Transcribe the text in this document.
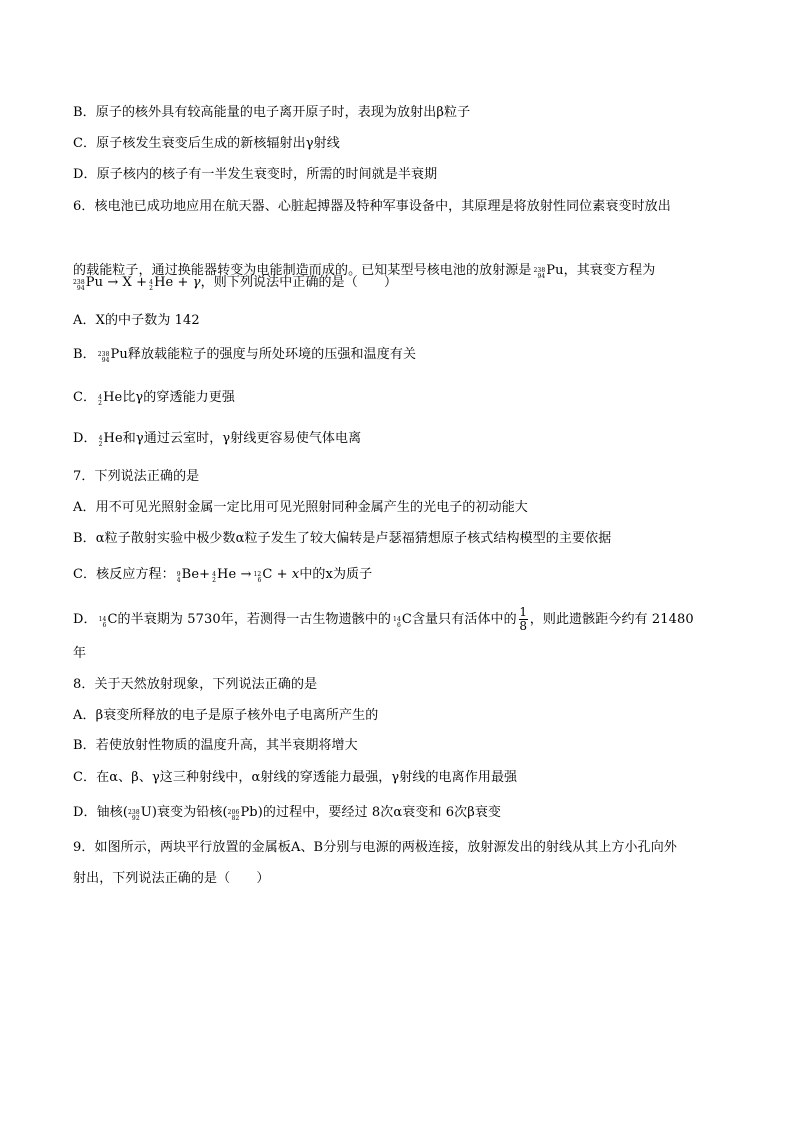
B．原子的核外具有较高能量的电子离开原子时，表现为放射出β粒子
C．原子核发生衰变后生成的新核辐射出γ射线
D．原子核内的核子有一半发生衰变时，所需的时间就是半衰期
6．核电池已成功地应用在航天器、心脏起搏器及特种军事设备中，其原理是将放射性同位素衰变时放出
的载能粒子，通过换能器转变为电能制造而成的。已知某型号核电池的放射源是 238
94 Pu，其衰变方程为
238
94 Pu → X + 4
2 He + γ，则下列说法中正确的是（　　）
A．X的中子数为 142
B． 238
94 Pu释放载能粒子的强度与所处环境的压强和温度有关
C． 4
2 He比γ的穿透能力更强
D． 4
2 He和γ通过云室时，γ射线更容易使气体电离
7．下列说法正确的是
A．用不可见光照射金属一定比用可见光照射同种金属产生的光电子的初动能大
B．α粒子散射实验中极少数α粒子发生了较大偏转是卢瑟福猜想原子核式结构模型的主要依据
C．核反应方程： 9
4 Be+ 4
2 He → 12
6 C + x中的x为质子
D． 14
6 C的半衰期为 5730年，若测得一古生物遗骸中的 14
6 C含量只有活体中的 $\frac{1}{8}$ ，则此遗骸距今约有 21480
年
8．关于天然放射现象，下列说法正确的是
A．β衰变所释放的电子是原子核外电子电离所产生的
B．若使放射性物质的温度升高，其半衰期将增大
C．在α、β、γ这三种射线中，α射线的穿透能力最强，γ射线的电离作用最强
D．铀核( 238
92 U)衰变为铅核( 206
82 Pb)的过程中，要经过 8次α衰变和 6次β衰变
9．如图所示，两块平行放置的金属板A、B分别与电源的两极连接，放射源发出的射线从其上方小孔向外
射出，下列说法正确的是（　　）
